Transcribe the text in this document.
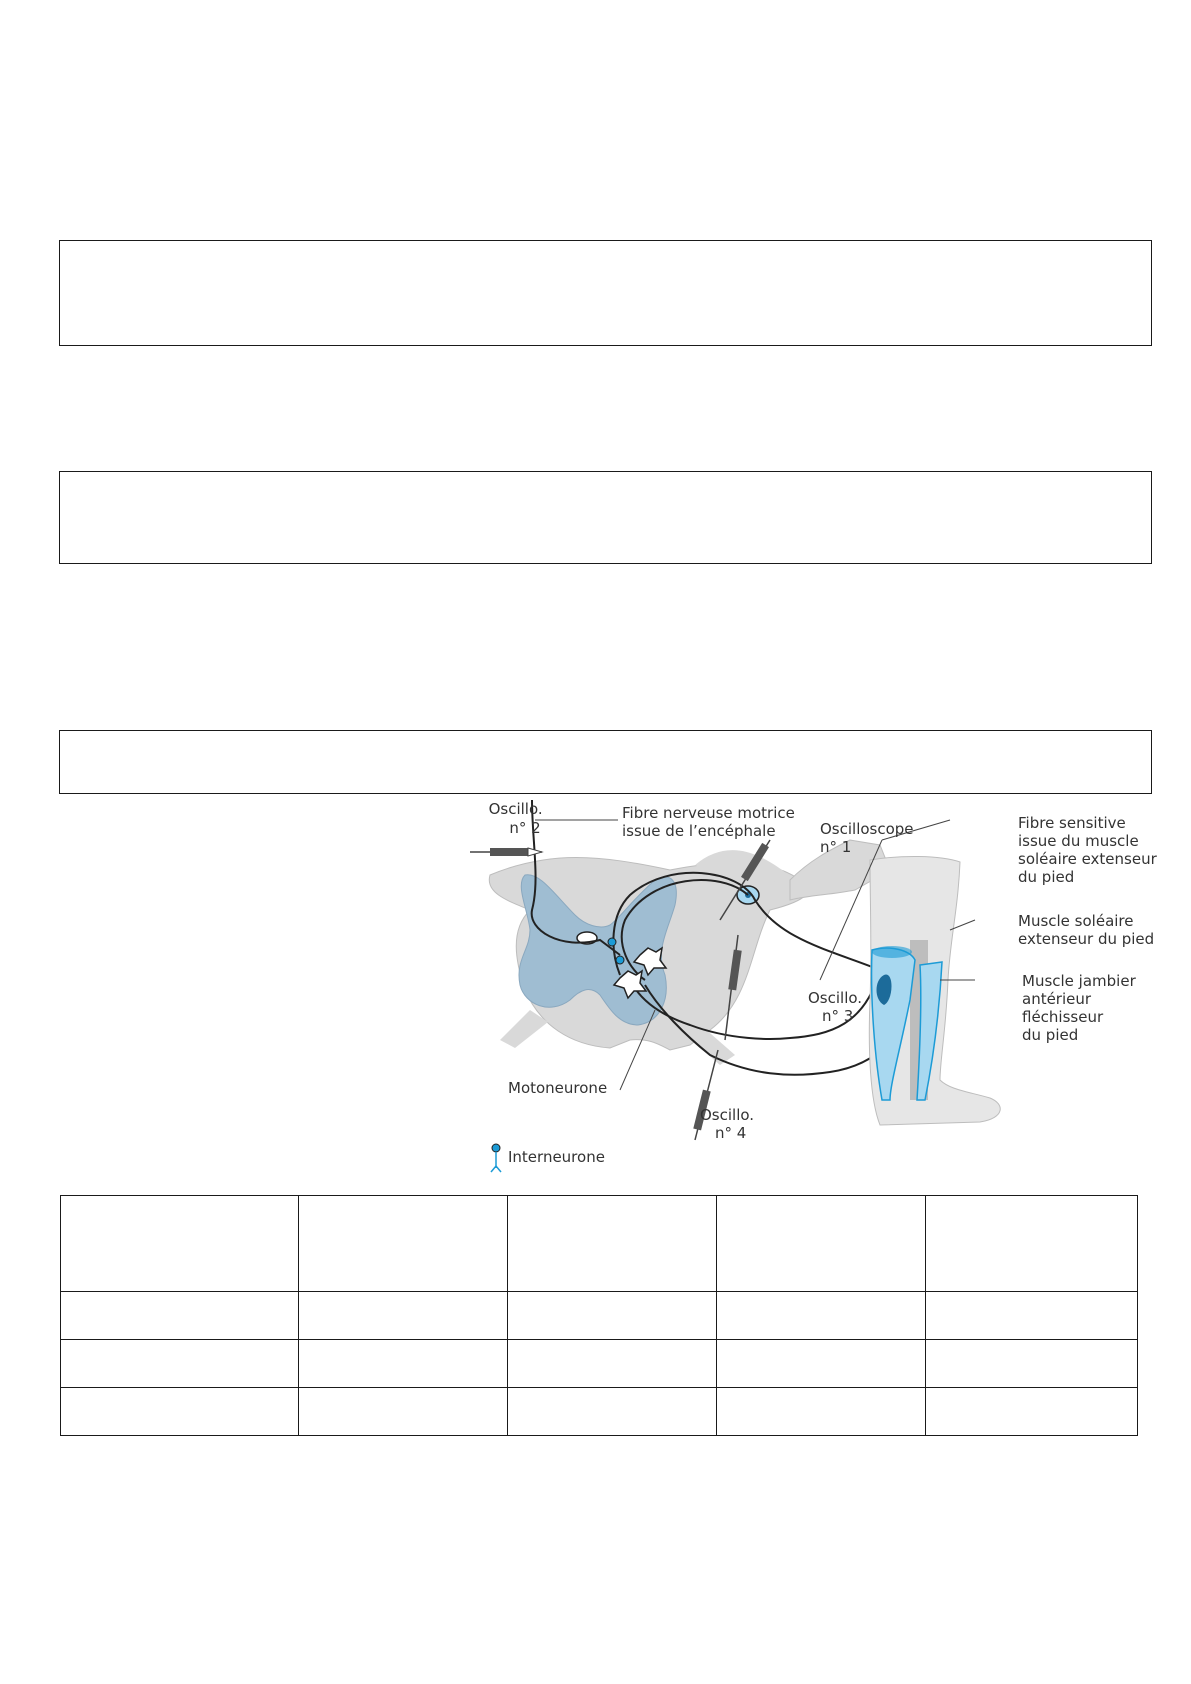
Oscillo. n° 2
Fibre nerveuse motrice issue de l’encéphale	Oscilloscope n° 1
Fibre sensitive issue du muscle soléaire extenseur du pied
Muscle soléaire extenseur du pied
Muscle jambier antérieur fléchisseur du pied
Oscillo. n° 3
Motoneurone
Oscillo. n° 4
Interneurone
